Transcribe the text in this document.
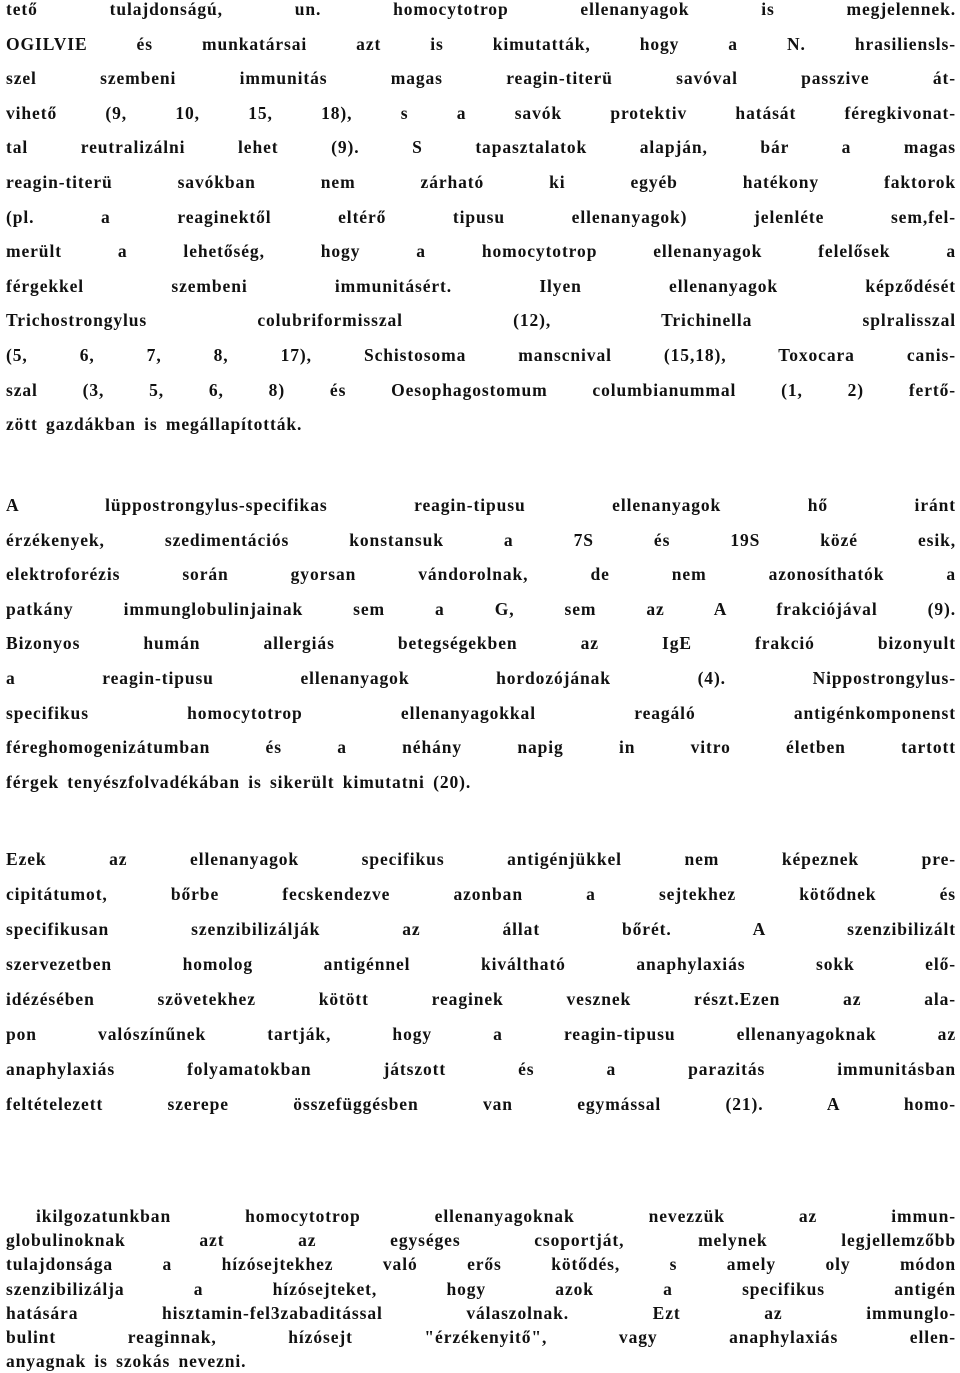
tető tulajdonságú, un. homocytotrop ellenanyagok is megjelennek.
OGILVIE és munkatársai azt is kimutatták, hogy a N. hrasiliensls-
szel szembeni immunitás magas reagin-titerü savóval passzive át-
vihető (9, 10, 15, 18), s a savók protektiv hatását féregkivonat-
tal reutralizálni lehet (9). S tapasztalatok alapján, bár a magas
reagin-titerü savókban nem zárható ki egyéb hatékony faktorok
(pl. a reaginektől eltérő tipusu ellenanyagok) jelenléte sem,fel-
merült a lehetőség, hogy a homocytotrop ellenanyagok felelősek a
férgekkel szembeni immunitásért. Ilyen ellenanyagok képződését
Trichostrongylus colubriformisszal (12), Trichinella splralisszal
(5, 6, 7, 8, 17), Schistosoma manscnival (15,18), Toxocara canis-
szal (3, 5, 6, 8) és Oesophagostomum columbianummal (1, 2) fertő-
zött gazdákban is megállapították.
A lüppostrongylus-specifikas reagin-tipusu ellenanyagok hő iránt
érzékenyek, szedimentációs konstansuk a 7S és 19S közé esik,
elektroforézis során gyorsan vándorolnak, de nem azonosíthatók a
patkány immunglobulinjainak sem a G, sem az A frakciójával (9).
Bizonyos humán allergiás betegségekben az IgE frakció bizonyult
a reagin-tipusu ellenanyagok hordozójának (4). Nippostrongylus-
specifikus homocytotrop ellenanyagokkal reagáló antigénkomponenst
féreghomogenizátumban és a néhány napig in vitro életben tartott
férgek tenyészfolvadékában is sikerült kimutatni (20).
Ezek az ellenanyagok specifikus antigénjükkel nem képeznek pre-
cipitátumot, bőrbe fecskendezve azonban a sejtekhez kötődnek és
specifikusan szenzibilizálják az állat bőrét. A szenzibilizált
szervezetben homolog antigénnel kiváltható anaphylaxiás sokk elő-
idézésében szövetekhez kötött reaginek vesznek részt.Ezen az ala-
pon valószínűnek tartják, hogy a reagin-tipusu ellenanyagoknak az
anaphylaxiás folyamatokban játszott és a parazitás immunitásban
feltételezett szerepe összefüggésben van egymással (21). A homo-
ikilgozatunkban homocytotrop ellenanyagoknak nevezzük az immun-
globulinoknak azt az egységes csoportját, melynek legjellemzőbb
tulajdonsága a hízósejtekhez való erős kötődés, s amely oly módon
szenzibilizálja a hízósejteket, hogy azok a specifikus antigén
hatására hisztamin-fel3zabaditással válaszolnak. Ezt az immunglo-
bulint reaginnak, hízósejt "érzékenyitő", vagy anaphylaxiás ellen-
anyagnak is szokás nevezni.
